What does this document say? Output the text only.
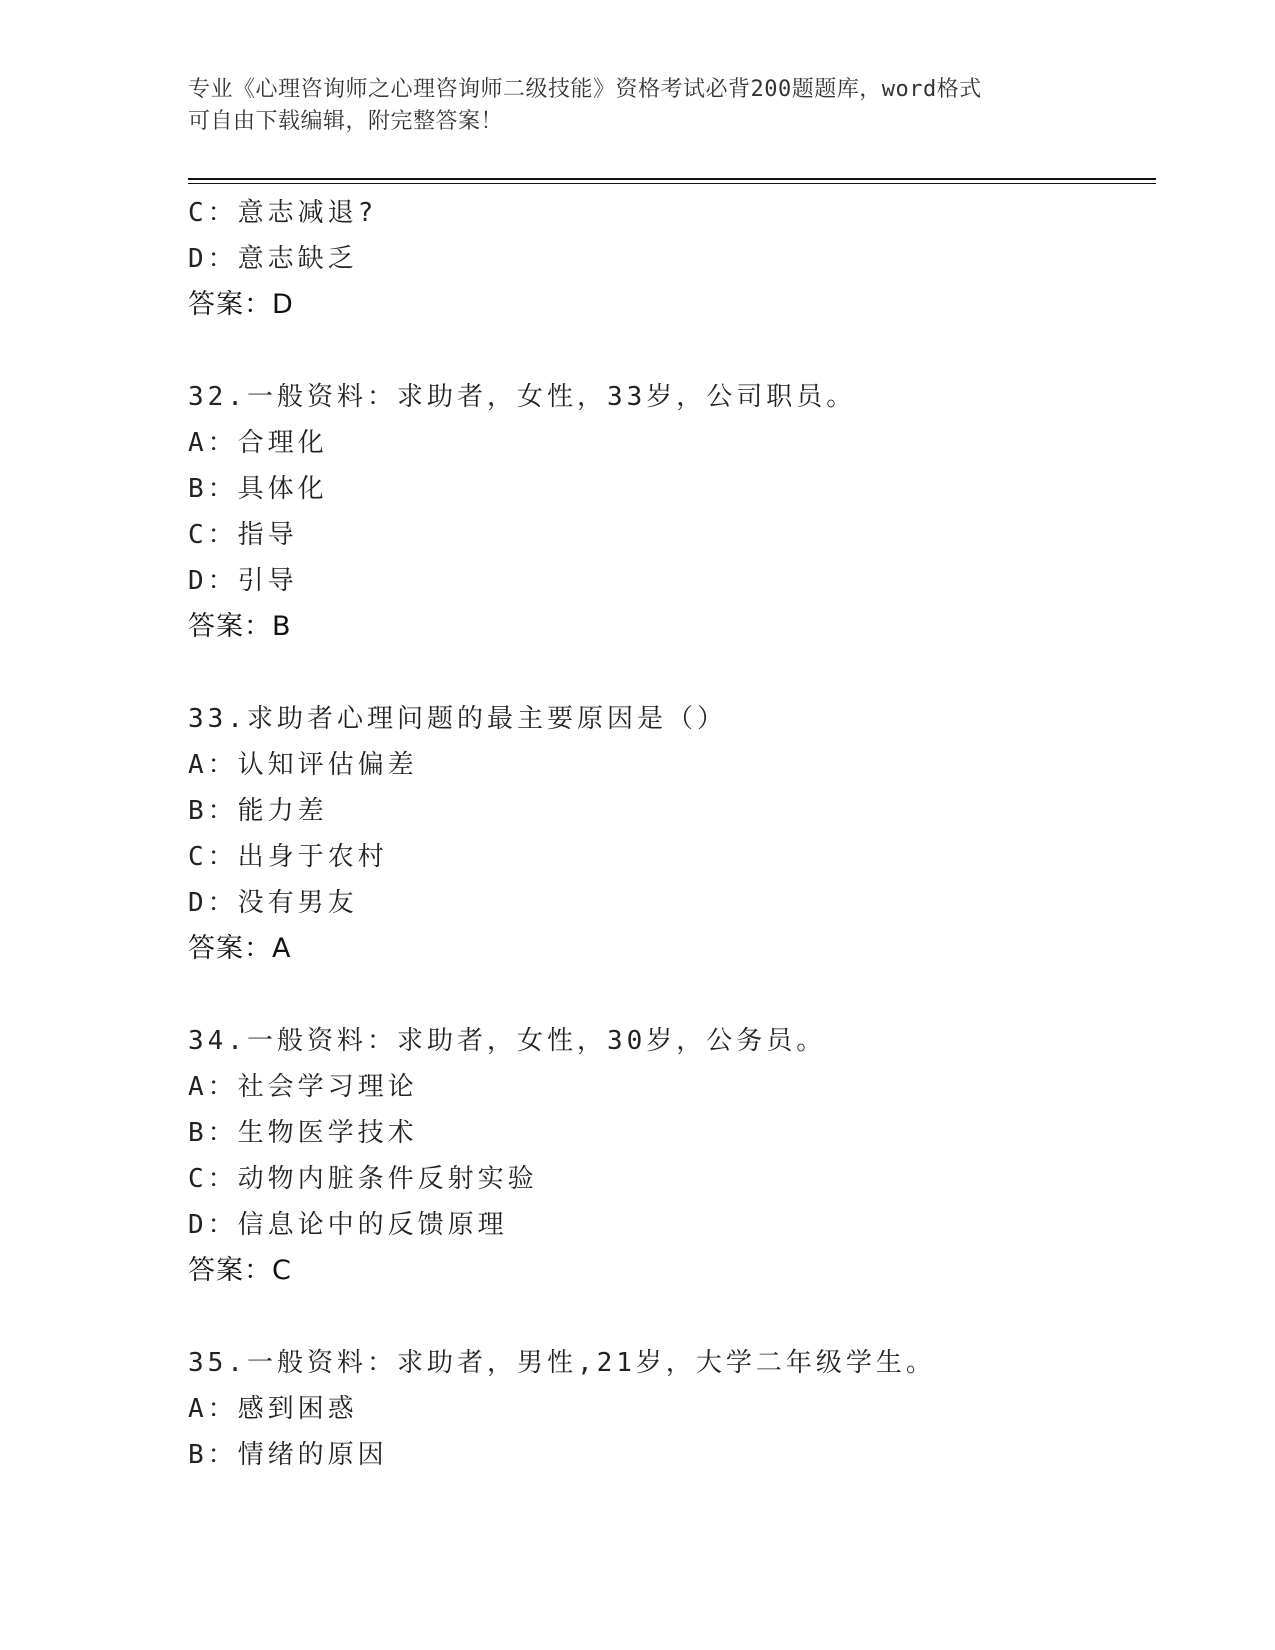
专业《心理咨询师之心理咨询师二级技能》资格考试必背200题题库，word格式
可自由下载编辑，附完整答案！
C：意志减退?
D：意志缺乏
答案：D
32.一般资料：求助者，女性，33岁，公司职员。
A：合理化
B：具体化
C：指导
D：引导
答案：B
33.求助者心理问题的最主要原因是（）
A：认知评估偏差
B：能力差
C：出身于农村
D：没有男友
答案：A
34.一般资料：求助者，女性，30岁，公务员。
A：社会学习理论
B：生物医学技术
C：动物内脏条件反射实验
D：信息论中的反馈原理
答案：C
35.一般资料：求助者，男性,21岁，大学二年级学生。
A：感到困惑
B：情绪的原因
